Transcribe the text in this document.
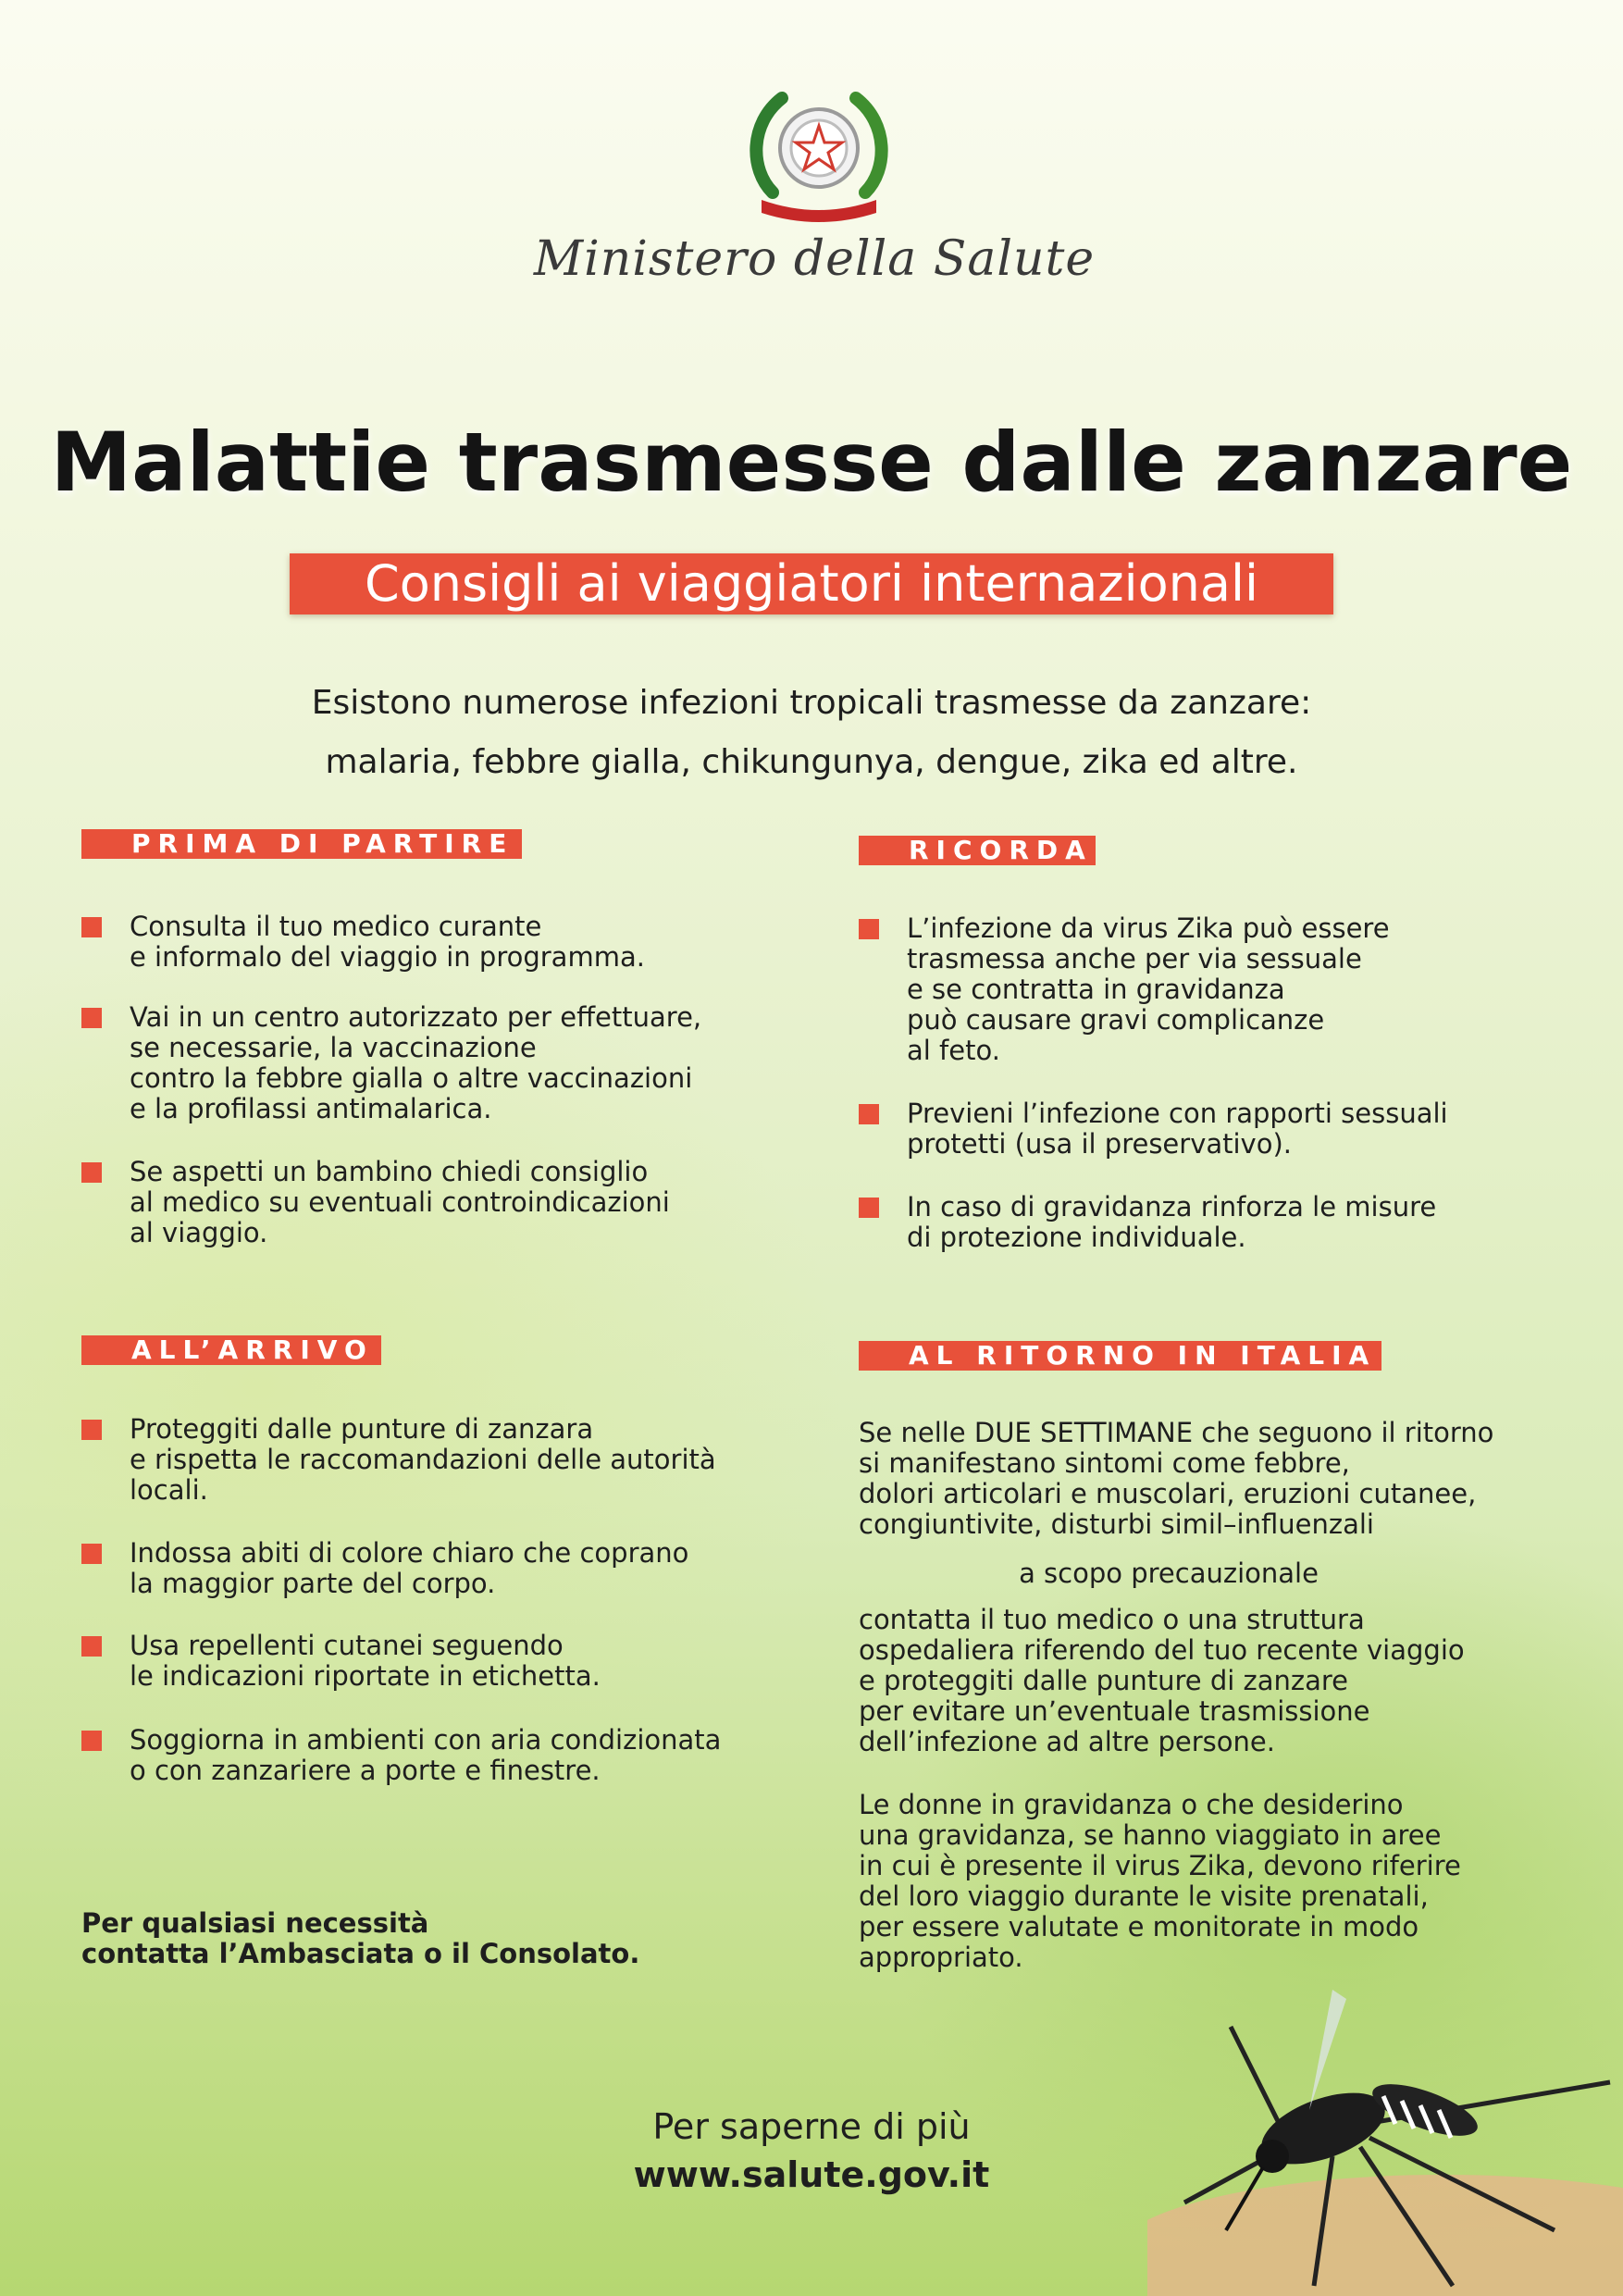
Ministero della Salute
Malattie trasmesse dalle zanzare
Consigli ai viaggiatori internazionali
Esistono numerose infezioni tropicali trasmesse da zanzare:
malaria, febbre gialla, chikungunya, dengue, zika ed altre.
PRIMA DI PARTIRE
Consulta il tuo medico curante
e informalo del viaggio in programma.
Vai in un centro autorizzato per effettuare,
se necessarie, la vaccinazione
contro la febbre gialla o altre vaccinazioni
e la profilassi antimalarica.
Se aspetti un bambino chiedi consiglio
al medico su eventuali controindicazioni
al viaggio.
RICORDA
L’infezione da virus Zika può essere
trasmessa anche per via sessuale
e se contratta in gravidanza
può causare gravi complicanze
al feto.
Previeni l’infezione con rapporti sessuali
protetti (usa il preservativo).
In caso di gravidanza rinforza le misure
di protezione individuale.
ALL’ARRIVO
Proteggiti dalle punture di zanzara
e rispetta le raccomandazioni delle autorità
locali.
Indossa abiti di colore chiaro che coprano
la maggior parte del corpo.
Usa repellenti cutanei seguendo
le indicazioni riportate in etichetta.
Soggiorna in ambienti con aria condizionata
o con zanzariere a porte e finestre.
AL RITORNO IN ITALIA
Se nelle DUE SETTIMANE che seguono il ritorno
si manifestano sintomi come febbre,
dolori articolari e muscolari, eruzioni cutanee,
congiuntivite, disturbi simil–influenzali
a scopo precauzionale
contatta il tuo medico o una struttura
ospedaliera riferendo del tuo recente viaggio
e proteggiti dalle punture di zanzare
per evitare un’eventuale trasmissione
dell’infezione ad altre persone.
Le donne in gravidanza o che desiderino
una gravidanza, se hanno viaggiato in aree
in cui è presente il virus Zika, devono riferire
del loro viaggio durante le visite prenatali,
per essere valutate e monitorate in modo
appropriato.
Per qualsiasi necessità
contatta l’Ambasciata o il Consolato.
Per saperne di più
www.salute.gov.it
